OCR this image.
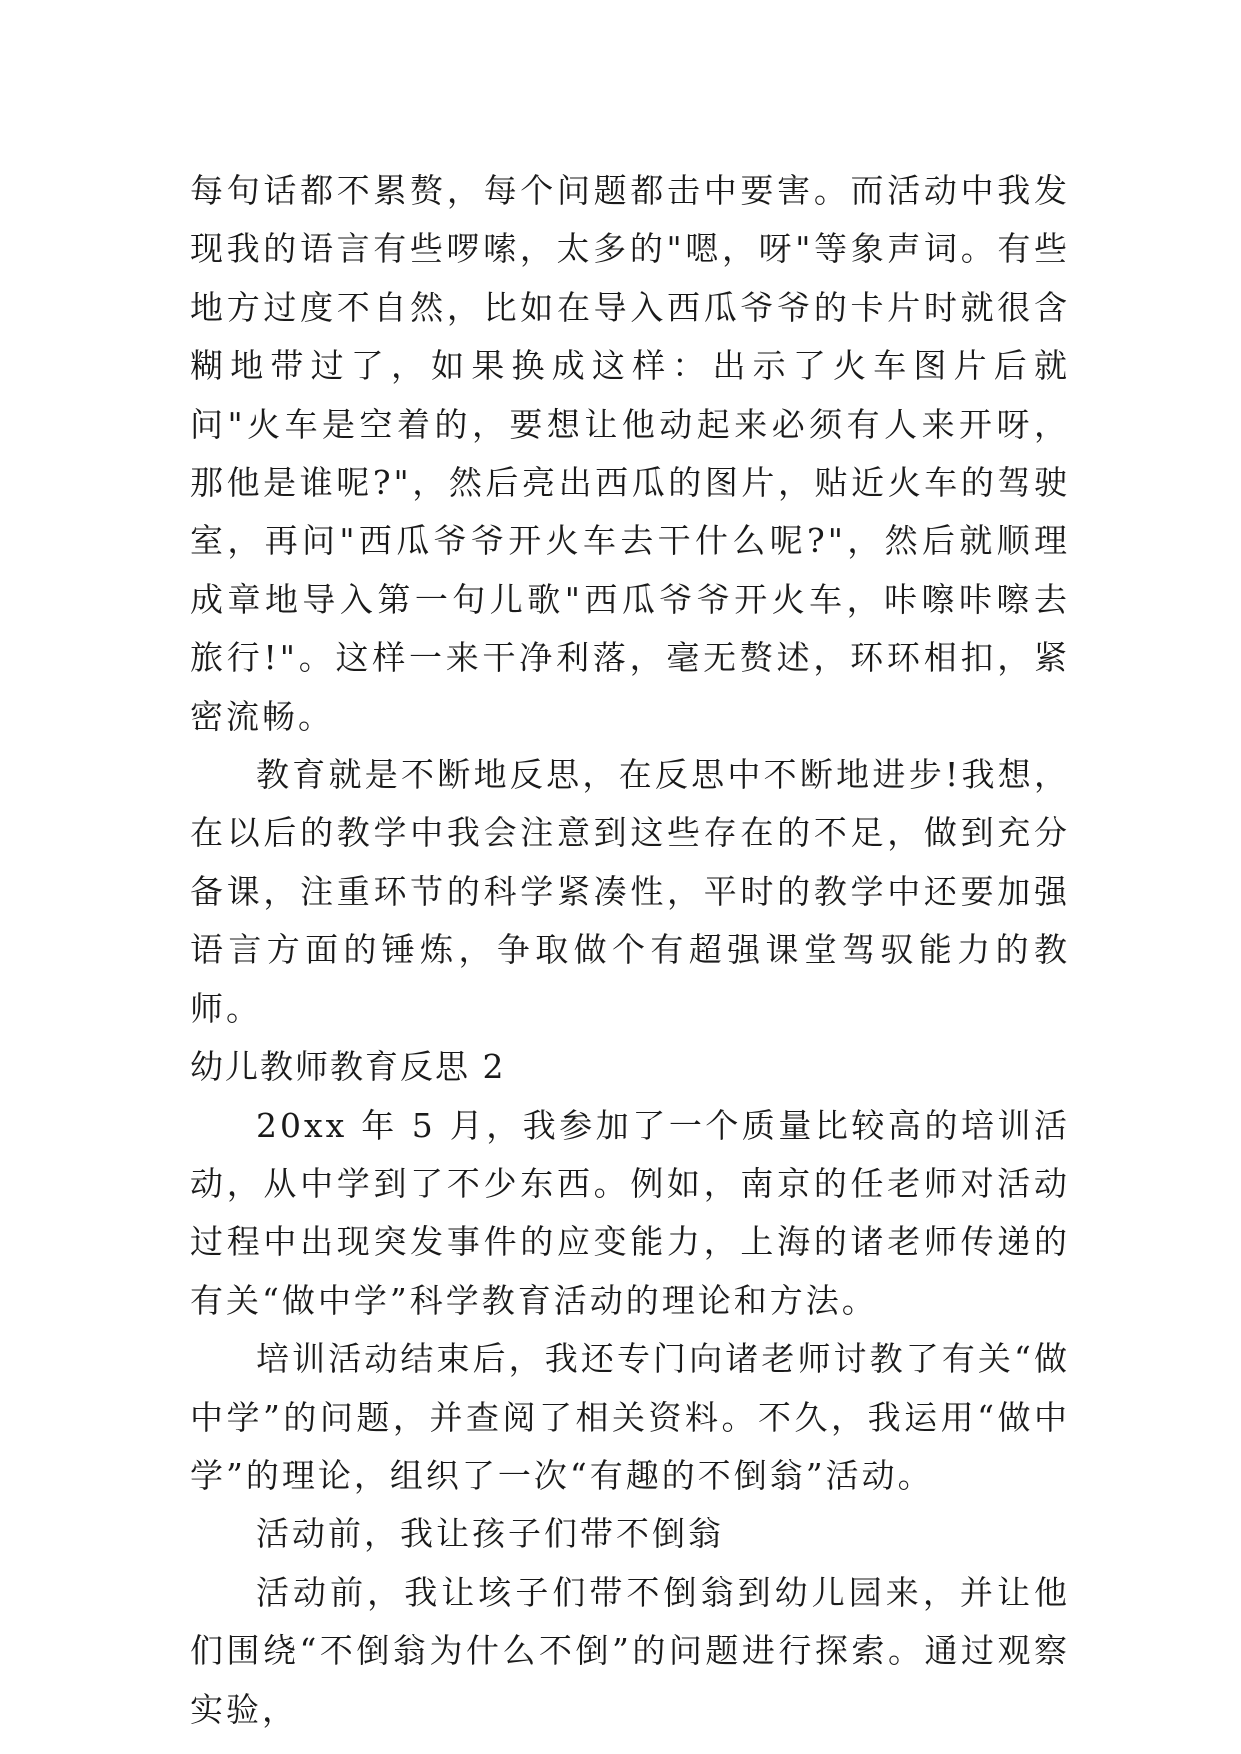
每句话都不累赘，每个问题都击中要害。而活动中我发现我的语言有些啰嗦，太多的"嗯，呀"等象声词。有些地方过度不自然，比如在导入西瓜爷爷的卡片时就很含糊地带过了，如果换成这样：出示了火车图片后就问"火车是空着的，要想让他动起来必须有人来开呀，那他是谁呢?"，然后亮出西瓜的图片，贴近火车的驾驶室，再问"西瓜爷爷开火车去干什么呢?"，然后就顺理成章地导入第一句儿歌"西瓜爷爷开火车，咔嚓咔嚓去旅行!"。这样一来干净利落，毫无赘述，环环相扣，紧密流畅。

教育就是不断地反思，在反思中不断地进步!我想，在以后的教学中我会注意到这些存在的不足，做到充分备课，注重环节的科学紧凑性，平时的教学中还要加强语言方面的锤炼，争取做个有超强课堂驾驭能力的教师。

幼儿教师教育反思 2

20xx 年 5 月，我参加了一个质量比较高的培训活动，从中学到了不少东西。例如，南京的任老师对活动过程中出现突发事件的应变能力，上海的诸老师传递的有关“做中学”科学教育活动的理论和方法。

培训活动结束后，我还专门向诸老师讨教了有关“做中学”的问题，并查阅了相关资料。不久，我运用“做中学”的理论，组织了一次“有趣的不倒翁”活动。

活动前，我让孩子们带不倒翁

活动前，我让垓子们带不倒翁到幼儿园来，并让他们围绕“不倒翁为什么不倒”的问题进行探索。通过观察实验，
